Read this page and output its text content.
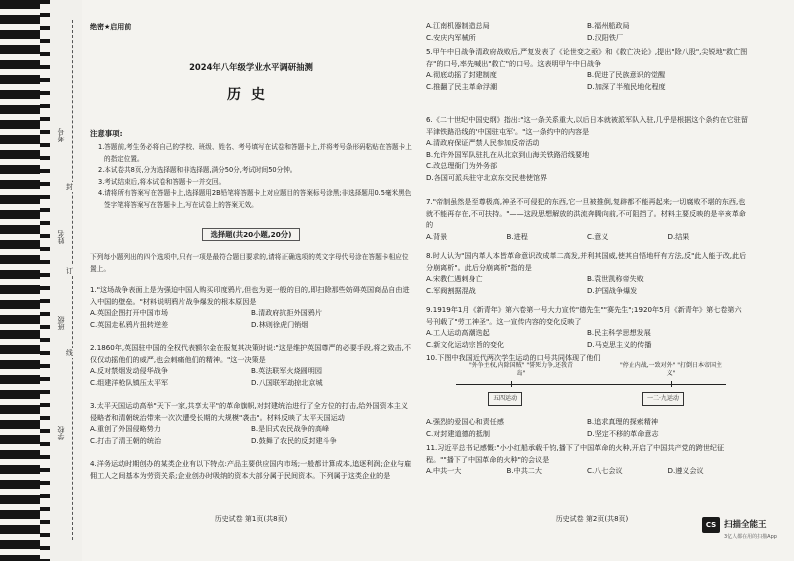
考号
姓名
班级
学校
封
订
线
绝密★启用前
2024年八年级学业水平调研抽测
历史
注意事项:

1.答题前,考生务必将自己的学校、班级、姓名、考号填写在试卷和答题卡上,并将考号条形码粘贴在答题卡上的指定位置。

2.本试卷共8页,分为选择题和非选择题,满分50分,考试时间50分钟。

3.考试结束后,将本试卷和答题卡一并交回。

4.请将所有答案写在答题卡上,选择题用2B铅笔将答题卡上对应题目的答案标号涂黑;非选择题用0.5毫米黑色签字笔将答案写在答题卡上,写在试卷上的答案无效。

选择题(共20小题,20分)
下列每小题列出的四个选项中,只有一项是最符合题目要求的,请将正确选项的英文字母代号涂在答题卡相应位置上。

1."这场战争表面上是为强迫中国人购买印度鸦片,但也为更一般的目的,即扫除那些妨碍英国商品自由进入中国的壁垒。"材料说明鸦片战争爆发的根本原因是

A.英国企图打开中国市场	B.清政府抗拒外国鸦片
C.英国走私鸦片扭转逆差	D.林则徐虎门销烟

2.1860年,英国驻中国的全权代表额尔金在报复其决策时说:"这是维护英国尊严的必要手段,将之致击,不仅仅动摇他们的威严,也会刺痛他们的精神。"这一决策是

A.反对禁烟发动侵华战争	B.英法联军火烧圆明园
C.组建洋枪队镇压太平军	D.八国联军劫掠北京城

3.太平天国运动高举"天下一家,共享太平"的革命旗帜,对封建统治进行了全方位的打击,给外国资本主义侵略者和清朝统治带来一次次遭受长期的大规模"袭击"。材料反映了太平天国运动

A.重创了外国侵略势力	B.是旧式农民战争的高峰
C.打击了清王朝的统治	D.鼓舞了农民的反封建斗争

4.洋务运动时期创办的某类企业有以下特点:产品主要供应国内市场;一般都计算成本,追逐利润;企业与雇佣工人之间基本为劳资关系;企业创办时吸纳的资本大部分属于民间资本。下列属于这类企业的是

历史试卷 第1页(共8页)
A.江南机器制造总局	B.福州船政局
C.安庆内军械所	D.汉阳铁厂

5.甲午中日战争清政府战败后,严复发表了《论世变之亟》和《救亡决论》,提出"除八股",尖锐地"救亡图存"的口号,率先喊出"救亡"的口号。这表明甲午中日战争

A.彻底动摇了封建制度	B.促进了民族意识的觉醒
C.推翻了民主革命浮潮	D.加深了半殖民地化程度

6.《二十世纪中国史纲》指出:"这一条关系重大,以后日本就被派军队入驻,几乎是根据这个条约在它驻留平津铁路沿线的'中国驻屯军'。"这一条约中的内容是

A.清政府保证严禁人民参加反帝活动

B.允许外国军队驻扎在从北京到山海关铁路沿线要地

C.改总理衙门为外务部

D.各国可派兵驻守北京东交民巷使馆界

7."帝制虽然是至尊极高,神圣不可侵犯的东西,它一旦被推倒,复辟都不能再起来;一切腐败不堪的东西,也就不能再存在,不可扶持。"——这段思想解放的洪流奔腾向前,不可阻挡了。材料主要反映的是辛亥革命的

A.背景	B.进程	C.意义	D.结果

8.时人认为"国内革人本皆革命意识改成革二高发,并利其国威,使其自悟地杆有方法,反"此人能于改,此后分崩离析"。此后分崩离析"指的是

A.宋教仁遇刺身亡	B.袁世凯称帝失败
C.军阀割据混战	D.护国战争爆发

9.1919年1月《新青年》第六卷第一号大力宣传"德先生""赛先生";1920年5月《新青年》第七卷第六号刊载了"劳工神圣"。这一宣传内容的变化反映了

A.工人运动高潮迭起	B.民主科学思想发展
C.新文化运动宗旨的变化	D.马克思主义的传播

10.下图中我国近代两次学生运动的口号共同体现了他们

"外争主权,内除国贼" "誓死力争,还我青岛"
"停止内战,一致对外" "打倒日本帝国主义"
五四运动	一二·九运动
A.强烈的爱国心和责任感	B.追求真理的探索精神
C.对封建道德的抵制	D.坚定不移的革命意志

11.习近平总书记感慨:"小小红船承载千钧,播下了中国革命的火种,开启了中国共产党的跨世纪征程。""播下了中国革命的火种"的会议是

A.中共一大	B.中共二大	C.八七会议	D.遵义会议
历史试卷 第2页(共8页)
CS 扫描全能王
3亿人都在用的扫描App
